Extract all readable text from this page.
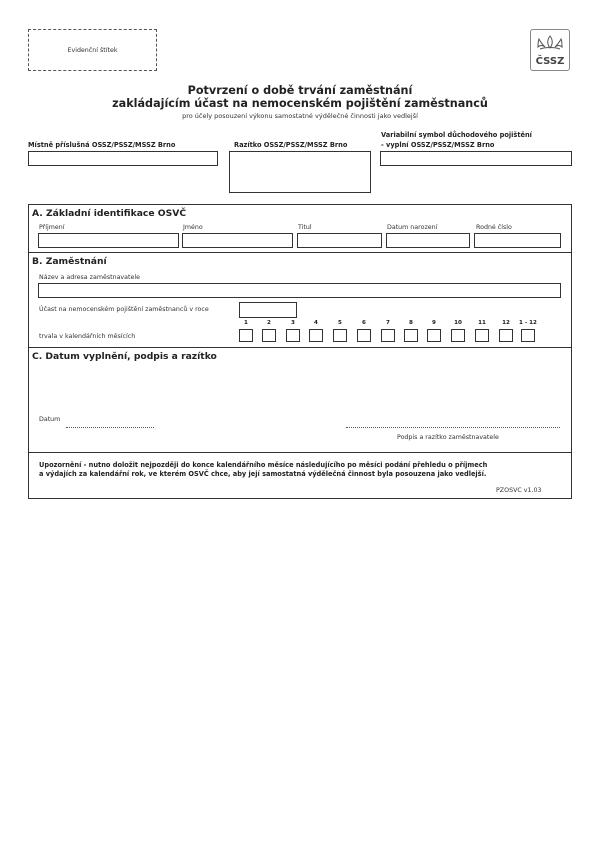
Evidenční štítek
ČSSZ
Potvrzení o době trvání zaměstnání
zakládajícím účast na nemocenském pojištění zaměstnanců
pro účely posouzení výkonu samostatné výdělečné činnosti jako vedlejší
Místně příslušná OSSZ/PSSZ/MSSZ Brno	Razítko OSSZ/PSSZ/MSSZ Brno
Variabilní symbol důchodového pojištění
- vyplní OSSZ/PSSZ/MSSZ Brno
A. Základní identifikace OSVČ
Příjmení	Jméno	Titul	Datum narození	Rodné číslo
B. Zaměstnání
Název a adresa zaměstnavatele
Účast na nemocenském pojištění zaměstnanců v roce
trvala v kalendářních měsících
1	2	3	4	5	6	7	8	9	10	11	12	1 - 12
C. Datum vyplnění, podpis a razítko
Datum
Podpis a razítko zaměstnavatele
Upozornění - nutno doložit nejpozději do konce kalendářního měsíce následujícího po měsíci podání přehledu o příjmech
a výdajích za kalendářní rok, ve kterém OSVČ chce, aby její samostatná výdělečná činnost byla posouzena jako vedlejší.
PZOSVC v1.03
